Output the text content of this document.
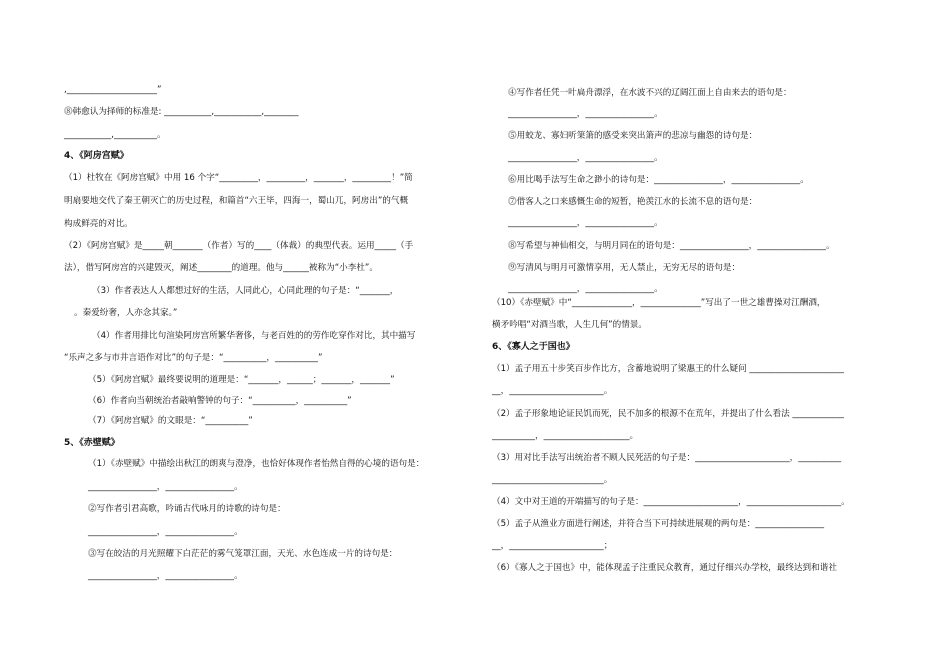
,_____________________”
⓼韩愈认为择师的标准是: ___________,___________,________
___________,__________。
4、《阿房宫赋》
（1）杜牧在《阿房宫赋》中用 16 个字“_________，_________，_______，_________！”简
明扇要地交代了秦王朝灭亡的历史过程，和篇首“六王毕，四海一，蜀山兀，阿房出”的气概
构成鲜亮的对比。
（2）《阿房宫赋》是_____朝_______（作者）写的____（体裁）的典型代表。运用_____（手
法），借写阿房宫的兴建毁灭，阐述________的道理。他与______被称为“小李杜”。
（3）作者表达人人都想过好的生活，人同此心，心同此理的句子是：“_______，
。秦爱纷奢，人亦念其家。”
（4）作者用排比句渲染阿房宫所繁华奢侈，与老百姓的的劳作吃穿作对比，其中描写
“乐声之多与市井言语作对比”的句子是：“__________，__________”
（5）《阿房宫赋》最终要说明的道理是：“_______，______；_______，_______”
（6）作者向当朝统治者敲响警钟的句子：“__________，__________”
（7）《阿房宫赋》的文眼是：“__________”
5、《赤壁赋》
（1）《赤壁赋》中描绘出秋江的朗爽与澄净，也恰好体现作者怡然自得的心境的语句是：
________________，________________。
⓶写作者引君高歌，吟诵古代咏月的诗歌的诗句是：
________________，________________。
⓷写在皎洁的月光照耀下白茫茫的雾气笼罩江面，天光、水色连成一片的诗句是：
________________，________________。
⓸写作者任凭一叶扁舟漂浮，在水波不兴的辽阔江面上自由来去的语句是：
________________，________________。
⓹用蛟龙、寡妇听筙箫的感受来突出箫声的悲凉与幽怨的诗句是：
________________，________________。
⓺用比喝手法写生命之渺小的诗句是：________________，________________。
⓻借客人之口来感慨生命的短暂，艳羡江水的长流不息的语句是：
________________，________________。
⓼写希望与神仙相交，与明月同在的语句是：________________，________________。
⓽写清风与明月可激情享用，无人禁止，无穷无尽的语句是：
________________，________________。
（10）《赤壁赋》中“______________，______________”写出了一世之雄曹操对江酬酒，
横矛吟唱“对酒当歌，人生几何”的情景。
6、《寡人之于国也》
（1）孟子用五十步笑百步作比方，含蓄地说明了梁惠王的什么疑问 ______________________
__，______________________。
（2）孟子形象地论证民饥而死，民不加多的根源不在荒年，并提出了什么看法 ____________
__________，____________________。
（3）用对比手法写出统治者不顾人民死活的句子是：______________________，__________
__________________________。
（4）文中对王道的开端描写的句子是：______________________，______________________。
（5）孟子从渔业方面进行阐述，并符合当下可持续进展观的两句是：________________
__，______________________；
（6）《寡人之于国也》中，能体现孟子注重民众教育，通过仔细兴办学校，最终达到和谐社
